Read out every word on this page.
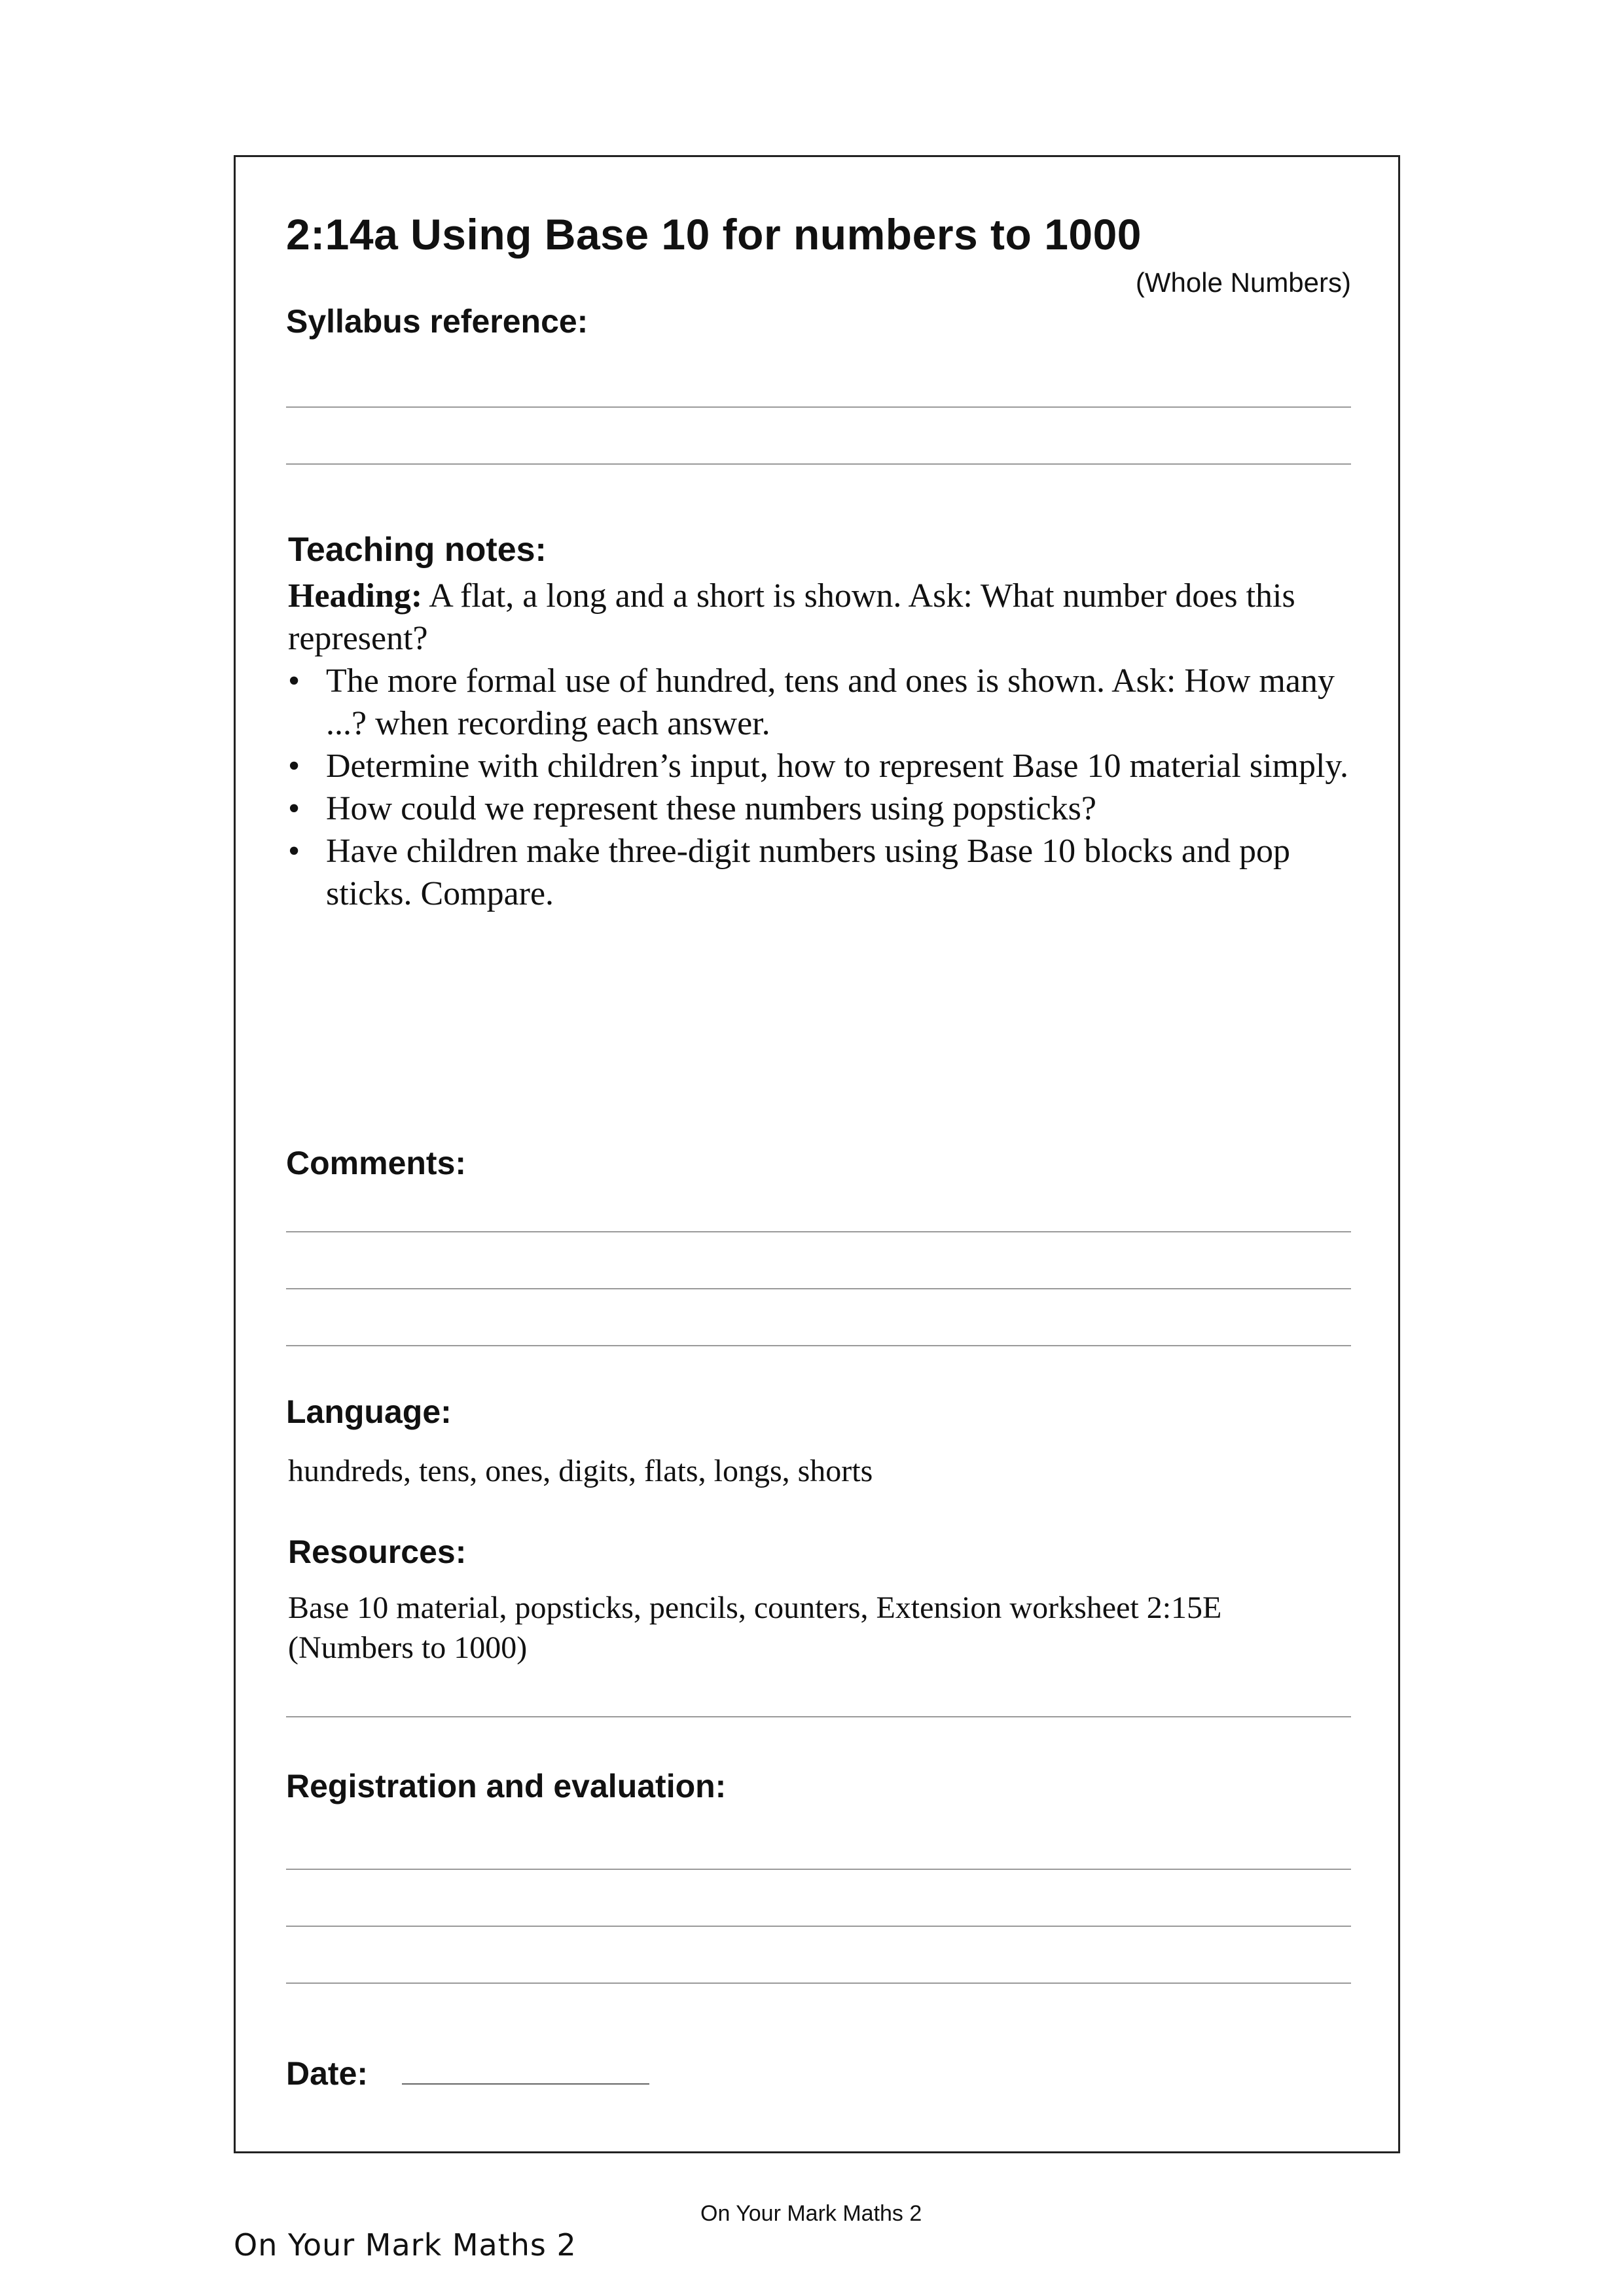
2:14a Using Base 10 for numbers to 1000
(Whole Numbers)
Syllabus reference:
Teaching notes:

Heading: A flat, a long and a short is shown. Ask: What number does this represent?

• The more formal use of hundred, tens and ones is shown. Ask: How many ...? when recording each answer.
• Determine with children’s input, how to represent Base 10 material simply.
• How could we represent these numbers using popsticks?
• Have children make three-digit numbers using Base 10 blocks and pop sticks. Compare.
Comments:
Language:
hundreds, tens, ones, digits, flats, longs, shorts
Resources:
Base 10 material, popsticks, pencils, counters, Extension worksheet 2:15E (Numbers to 1000)
Registration and evaluation:
Date:
On Your Mark Maths 2
On Your Mark Maths 2
